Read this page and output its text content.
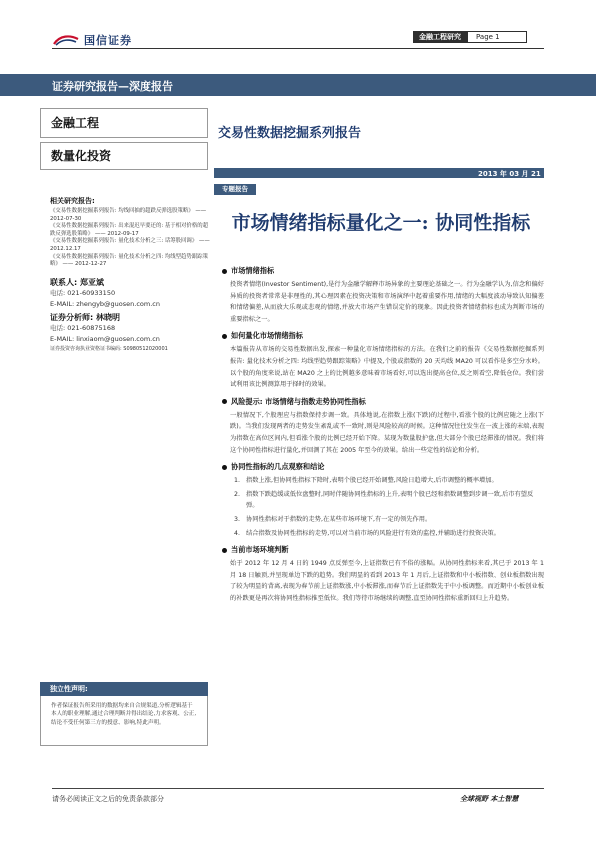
国信证券	金融工程研究	Page 1
证券研究报告—深度报告
金融工程
数量化投资
交易性数据挖掘系列报告
2013 年 03 月 21 日
专题报告
市场情绪指标量化之一: 协同性指标
相关研究报告:
《交易性数据挖掘系列报告: 均线回抽的超跌反弹选股策略》 —— 2012-07-30
《交易性数据挖掘系列报告: 出来混迟早要还的: 基于相对价格的超跌反弹选股策略》 —— 2012-09-17
《交易性数据挖掘系列报告: 量化技术分析之三: 话筹股回调》 —— 2012.12.17
《交易性数据挖掘系列报告: 量化技术分析之四: 均线型趋势跟踪策略》 —— 2012-12-27
联系人: 郑亚斌
电话: 021-60933150
E-MAIL: zhengyb@guosen.com.cn
证券分析师: 林晓明
电话: 021-60875168
E-MAIL: linxiaom@guosen.com.cn
证券投资咨询执业资格证书编码: S0980512020001
独立性声明:
作者保证报告所采用的数据均来自合规渠道,分析逻辑基于本人的职业理解,通过合理判断并得出结论,力求客观、公正,结论不受任何第三方的授意、影响,特此声明。
市场情绪指标
投资者情绪(Investor Sentiment),是行为金融学解释市场异象的主要理论基础之一。行为金融学认为,信念和偏好异质的投资者常常是非理性的,其心理因素在投资决策和市场演绎中起着重要作用,情绪的大幅度波动导致认知偏差和情绪偏差,从而放大乐观或悲观的情绪,并放大市场产生错误定价的现象。因此投资者情绪指标也成为判断市场的重要指标之一。
如何量化市场情绪指标
本篇报告从市场的交易性数据出发,探索一种量化市场情绪指标的方法。在我们之前的报告《交易性数据挖掘系列报告: 量化技术分析之四: 均线型趋势跟踪策略》中提及,个股或指数的 20 天均线 MA20 可以看作是多空分水岭。以个股的角度来说,站在 MA20 之上的比例越多意味着市场看好,可以选出提高仓位,反之则看空,降低仓位。我们尝试利用该比例测算用于择时的效果。
风险提示: 市场情绪与指数走势协同性指标
一般情况下,个股理应与指数保持步调一致。具体地说,在指数上涨(下跌)的过程中,看涨个股的比例应随之上涨(下跌)。当我们发现两者的走势发生紊乱或不一致时,则是风险较高的时候。这种情况往往发生在一波上涨的末端,表现为指数在高位区间内,但看涨个股的比例已经开始下降。某现为数量股护盘,但大部分个股已经滞涨的情况。我们将这个协同性指标进行量化,并回测了其在 2005 年至今的效果。给出一些定性的结论和分析。
协同性指标的几点观察和结论
1. 指数上涨,但协同性指标下降时,表明个股已经开始调整,风险日趋增大,后市调整的概率增加。
2. 指数下跌趋缓或低位盘整时,同时伴随协同性指标的上升,表明个股已经和指数调整到步调一致,后市有望反弹。
3. 协同性指标对于指数的走势,在某些市场环境下,有一定的领先作用。
4. 结合指数及协同性指标的走势,可以对当前市场的风险进行有效的监控,并辅助进行投资决策。
当前市场环境判断
始于 2012 年 12 月 4 日的 1949 点反弹至今,上证指数已有不俗的涨幅。从协同性指标来看,其已于 2013 年 1 月 18 日触顶,并呈现单边下跌的趋势。我们明显的看到 2013 年 1 月后,上证指数和中小板指数、创业板指数出现了较为明显的背离,表现为春节前上证指数涨,中小板滞涨,而春节后上证指数先于中小板调整。而近期中小板创业板的补跌更是再次将协同性指标推至低位。我们等待市场继续的调整,直至协同性指标重新回归上升趋势。
请务必阅读正文之后的免责条款部分	全球视野 本土智慧
